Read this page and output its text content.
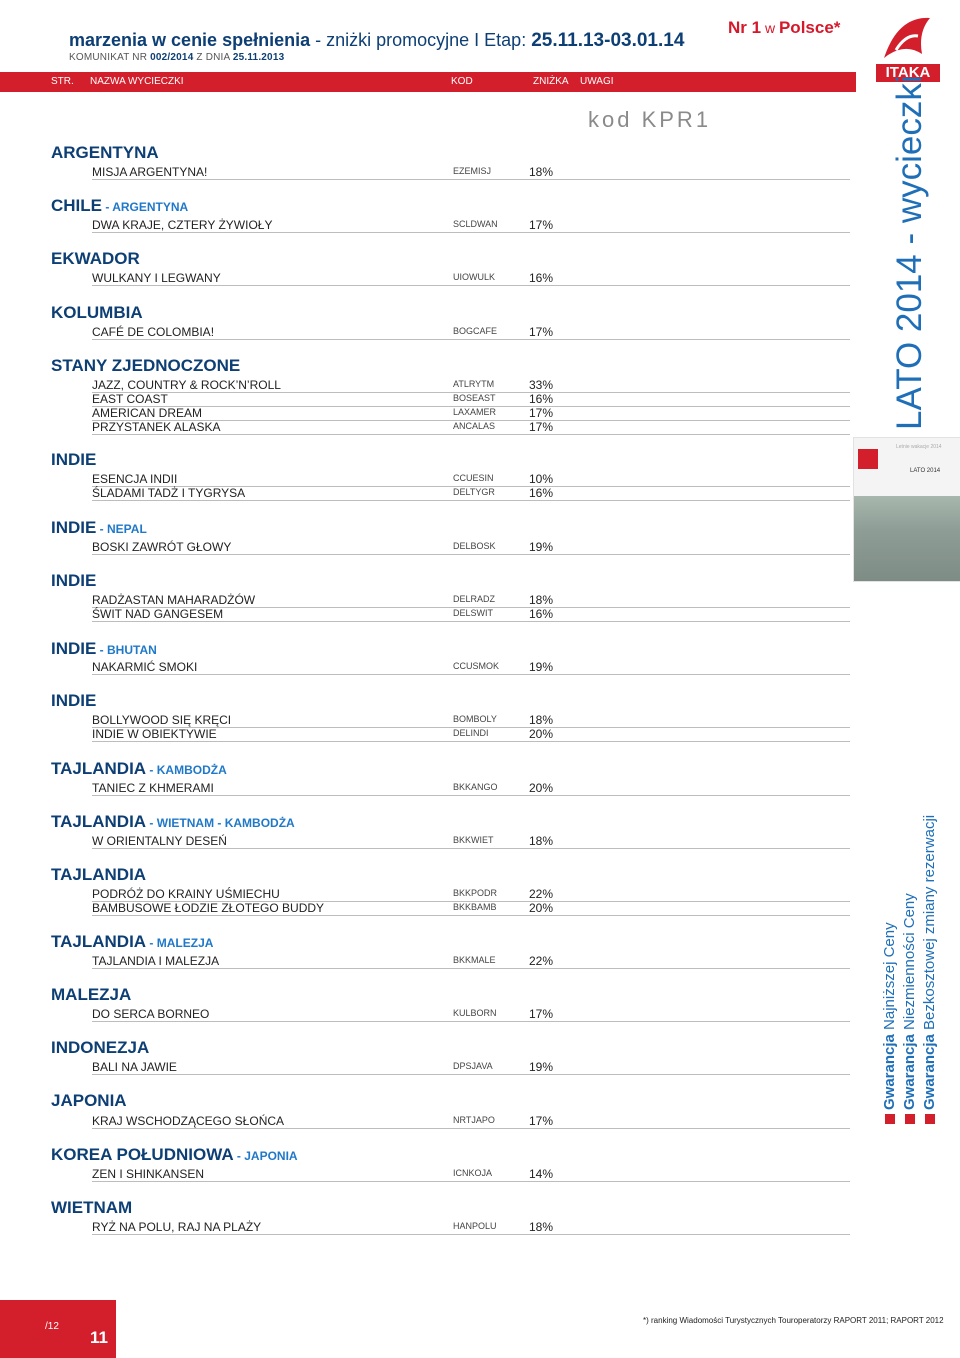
marzenia w cenie spełnienia - zniżki promocyjne I Etap: 25.11.13-03.01.14
KOMUNIKAT NR 002/2014 Z DNIA 25.11.2013
Nr 1 w Polsce*
STR. NAZWA WYCIECZKI	KOD	ZNIŻKA UWAGI
ITAKA
kod KPR1	LATO 2014 - wycieczki
Letnie wakacje 2014
LATO 2014
Gwarancja Najniższej Ceny
Gwarancja Niezmienności Ceny
Gwarancja Bezkosztowej zmiany rezerwacji
ARGENTYNA
MISJA ARGENTYNA!	EZEMISJ	18%
CHILE - ARGENTYNA
DWA KRAJE, CZTERY ŻYWIOŁY	SCLDWAN	17%
EKWADOR
WULKANY I LEGWANY	UIOWULK	16%
KOLUMBIA
CAFÉ DE COLOMBIA!	BOGCAFE	17%
STANY ZJEDNOCZONE
JAZZ, COUNTRY & ROCK’N’ROLL	ATLRYTM	33%
EAST COAST	BOSEAST	16%
AMERICAN DREAM	LAXAMER	17%
PRZYSTANEK ALASKA	ANCALAS	17%
INDIE
ESENCJA INDII	CCUESIN	10%
ŚLADAMI TADŻ I TYGRYSA	DELTYGR	16%
INDIE - NEPAL
BOSKI ZAWRÓT GŁOWY	DELBOSK	19%
INDIE
RADŻASTAN MAHARADŻÓW	DELRADZ	18%
ŚWIT NAD GANGESEM	DELSWIT	16%
INDIE - BHUTAN
NAKARMIĆ SMOKI	CCUSMOK 19%
INDIE
BOLLYWOOD SIĘ KRĘCI	BOMBOLY	18%
INDIE W OBIEKTYWIE	DELINDI	20%
TAJLANDIA - KAMBODŻA
TANIEC Z KHMERAMI	BKKANGO	20%
TAJLANDIA - WIETNAM - KAMBODŻA
W ORIENTALNY DESEŃ	BKKWIET	18%
TAJLANDIA
PODRÓŻ DO KRAINY UŚMIECHU	BKKPODR	22%
BAMBUSOWE ŁODZIE ZŁOTEGO BUDDY	BKKBAMB	20%
TAJLANDIA - MALEZJA
TAJLANDIA I MALEZJA	BKKMALE	22%
MALEZJA
DO SERCA BORNEO	KULBORN	17%
INDONEZJA
BALI NA JAWIE	DPSJAVA	19%
JAPONIA
KRAJ WSCHODZĄCEGO SŁOŃCA	NRTJAPO	17%
KOREA POŁUDNIOWA - JAPONIA
ZEN I SHINKANSEN	ICNKOJA	14%
WIETNAM
RYŻ NA POLU, RAJ NA PLAŻY	HANPOLU	18%
11
/12
*) ranking Wiadomości Turystycznych Touroperatorzy RAPORT 2011; RAPORT 2012
